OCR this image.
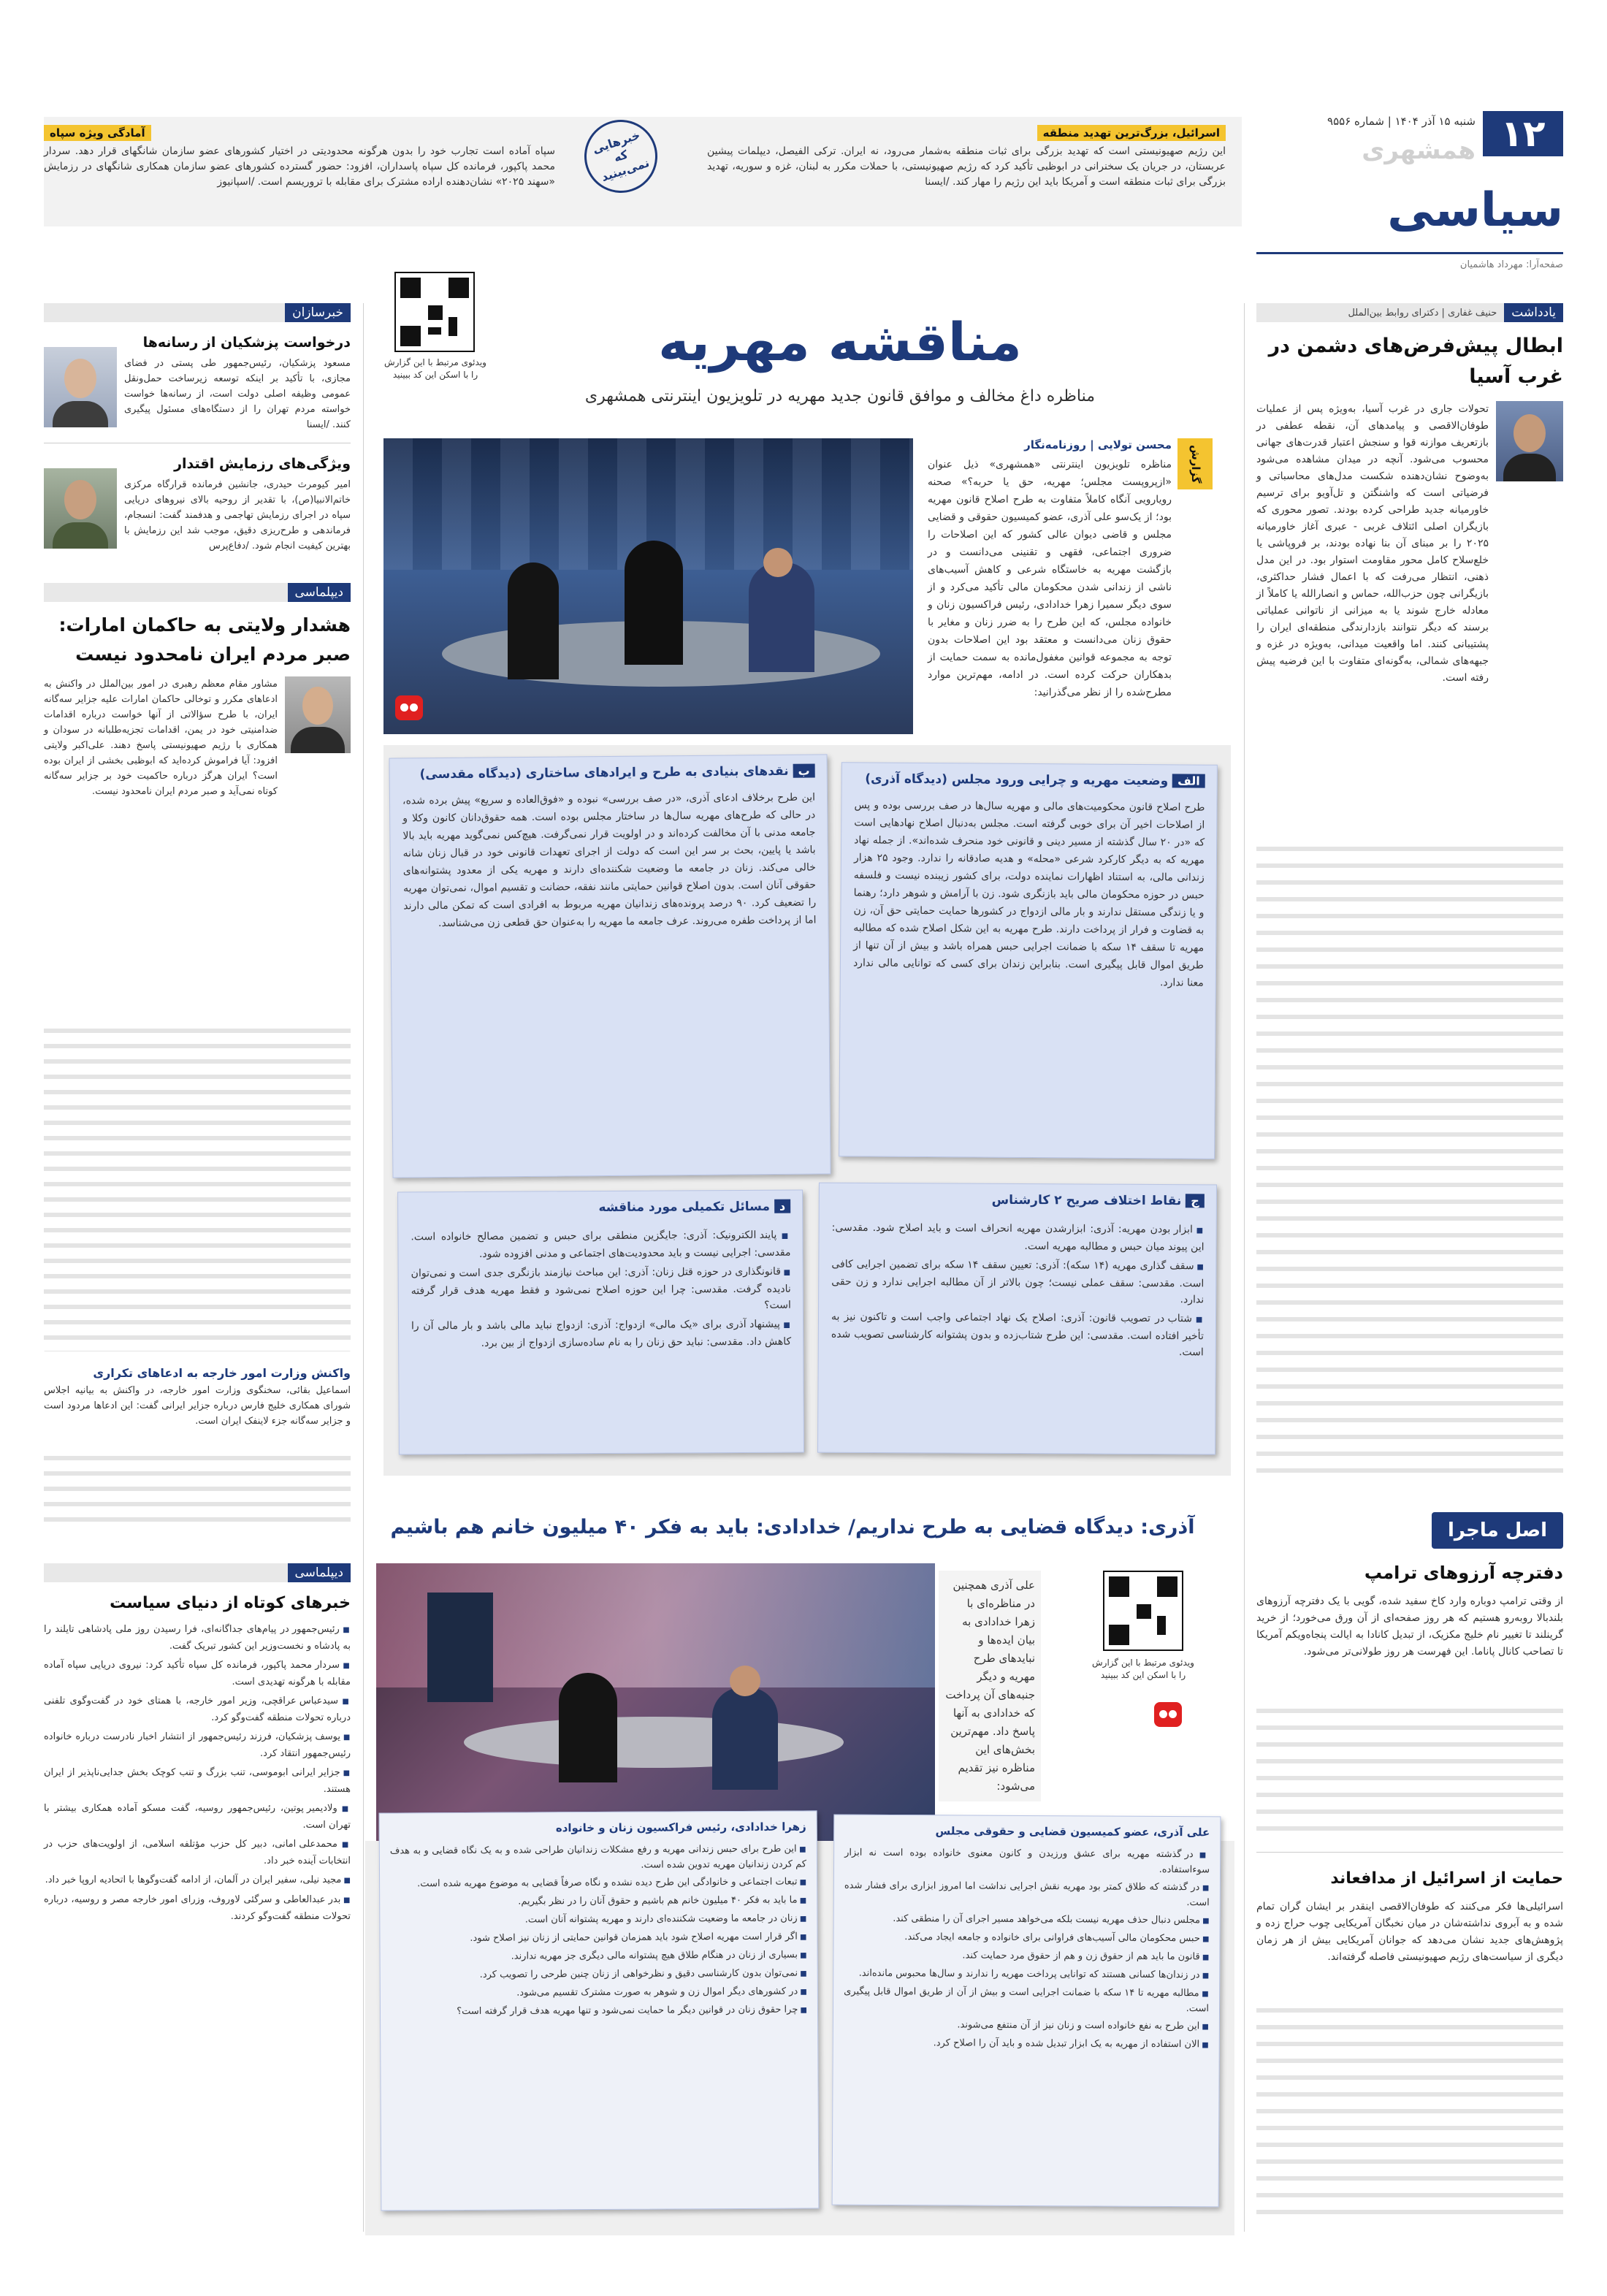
آمادگی ویژه سپاه
سپاه آماده است تجارب خود را بدون هرگونه محدودیتی در اختیار کشورهای عضو سازمان شانگهای قرار دهد. سردار محمد پاکپور، فرمانده کل سپاه پاسداران، افزود: حضور گسترده کشورهای عضو سازمان همکاری شانگهای در رزمایش «سهند ۲۰۲۵» نشان‌دهنده اراده مشترک برای مقابله با تروریسم است. /اسپانیوز
خبرهایی که نمی‌بینید
اسرائیل، بزرگ‌ترین تهدید منطقه
این رژیم صهیونیستی است که تهدید بزرگی برای ثبات منطقه به‌شمار می‌رود، نه ایران. ترکی الفیصل، دیپلمات پیشین عربستان، در جریان یک سخنرانی در ابوظبی تأکید کرد که رژیم صهیونیستی، با حملات مکرر به لبنان، غزه و سوریه، تهدید بزرگی برای ثبات منطقه است و آمریکا باید این رژیم را مهار کند. /ایسنا
۱۲
شنبه ۱۵ آذر ۱۴۰۴ | شماره ۹۵۵۶
همشهری
سیاسی
صفحه‌آرا: مهرداد هاشمیان
یادداشت
حنیف غفاری | دکترای روابط بین‌الملل
ابطال پیش‌فرض‌های دشمن در غرب آسیا
تحولات جاری در غرب آسیا، به‌ویژه پس از عملیات طوفان‌الاقصی و پیامدهای آن، نقطه عطفی در بازتعریف موازنه قوا و سنجش اعتبار قدرت‌های جهانی محسوب می‌شود. آنچه در میدان مشاهده می‌شود به‌وضوح نشان‌دهنده شکست مدل‌های محاسباتی و فرضیاتی است که واشنگتن و تل‌آویو برای ترسیم خاورمیانه جدید طراحی کرده بودند. تصور محوری که بازیگران اصلی ائتلاف غربی - عبری آغاز خاورمیانه ۲۰۲۵ را بر مبنای آن بنا نهاده بودند، بر فروپاشی یا خلع‌سلاح کامل محور مقاومت استوار بود. در این مدل ذهنی، انتظار می‌رفت که با اعمال فشار حداکثری، بازیگرانی چون حزب‌الله، حماس و انصارالله یا کاملاً از معادله خارج شوند یا به میزانی از ناتوانی عملیاتی برسند که دیگر نتوانند بازدارندگی منطقه‌ای ایران را پشتیبانی کنند. اما واقعیت میدانی، به‌ویژه در غزه و جبهه‌های شمالی، به‌گونه‌ای متفاوت با این فرضیه پیش رفته است.
اصل ماجرا
دفترچه آرزوهای ترامپ
از وقتی ترامپ دوباره وارد کاخ سفید شده، گویی با یک دفترچه آرزوهای بلندبالا روبه‌رو هستیم که هر روز صفحه‌ای از آن ورق می‌خورد؛ از خرید گرینلند تا تغییر نام خلیج مکزیک، از تبدیل کانادا به ایالت پنجاه‌ویکم آمریکا تا تصاحب کانال پاناما. این فهرست هر روز طولانی‌تر می‌شود.
حمایت از اسرائیل از مدافعاند
اسرائیلی‌ها فکر می‌کنند که طوفان‌الاقصی اینقدر بر ایشان گران تمام شده و به آبروی نداشته‌شان در میان نخبگان آمریکایی چوب حراج زده و پژوهش‌های جدید نشان می‌دهد که جوانان آمریکایی بیش از هر زمان دیگری از سیاست‌های رژیم صهیونیستی فاصله گرفته‌اند.
ویدئوی مرتبط با این گزارش را با اسکن این کد ببینید
مناقشه مهریه
مناظره داغ مخالف و موافق قانون جدید مهریه در تلویزیون اینترنتی همشهری
گزارش
محسن تولایی | روزنامه‌نگار
مناظره تلویزیون اینترنتی «همشهری» ذیل عنوان «ازپروپست مجلس؛ مهریه، حق یا حربه؟» صحنه رویارویی آنگاه کاملاً متفاوت به طرح اصلاح قانون مهریه بود؛ از یک‌سو علی آذری، عضو کمیسیون حقوقی و قضایی مجلس و قاضی دیوان عالی کشور که این اصلاحات را ضروری اجتماعی، فقهی و تقنینی می‌دانست و در بازگشت مهریه به خاستگاه شرعی و کاهش آسیب‌های ناشی از زندانی شدن محکومان مالی تأکید می‌کرد و از سوی دیگر سمیرا زهرا خدادادی، رئیس فراکسیون زنان و خانواده مجلس، که این طرح را به ضرر زنان و مغایر با حقوق زنان می‌دانست و معتقد بود این اصلاحات بدون توجه به مجموعه قوانین مغفول‌مانده به سمت حمایت از بدهکاران حرکت کرده است. در ادامه، مهم‌ترین موارد مطرح‌شده را از نظر می‌گذرانید:
الفوضعیت مهریه و چرایی ورود مجلس (دیدگاه آذری)
طرح اصلاح قانون محکومیت‌های مالی و مهریه سال‌ها در صف بررسی بوده و پس از اصلاحات اخیر آن برای خوبی گرفته است. مجلس به‌دنبال اصلاح نهادهایی است که «در ۲۰ سال گذشته از مسیر دینی و قانونی خود منحرف شده‌اند». از جمله نهاد مهریه که به دیگر کارکرد شرعی «محله» و هدیه صادقانه را ندارد. وجود ۲۵ هزار زندانی مالی، به استناد اظهارات نماینده دولت، برای کشور زیبنده نیست و فلسفه حبس در حوزه محکومان مالی باید بازنگری شود. زن با آرامش و شوهر دارد؛ رهنما و یا زندگی مستقل ندارند و بار مالی ازدواج در کشورها حمایت حمایتی حق آن، زن به قضاوت و فرار از پرداخت دارند. طرح مهریه به این شکل اصلاح شده که مطالبه مهریه تا سقف ۱۴ سکه با ضمانت اجرایی حبس همراه باشد و بیش از آن تنها از طریق اموال قابل پیگیری است. بنابراین زندان برای کسی که توانایی مالی ندارد معنا ندارد.
بنقدهای بنیادی به طرح و ایرادهای ساختاری (دیدگاه مقدسی)
این طرح برخلاف ادعای آذری، «در صف بررسی» نبوده و «فوق‌العاده و سریع» پیش برده شده، در حالی که طرح‌های مهریه سال‌ها در ساختار مجلس بوده است. همه حقوق‌دانان کانون وکلا و جامعه مدنی با آن مخالفت کرده‌اند و در اولویت قرار نمی‌گرفت. هیچ‌کس نمی‌گوید مهریه باید بالا باشد یا پایین، بحث بر سر این است که دولت از اجرای تعهدات قانونی خود در قبال زنان شانه خالی می‌کند. زنان در جامعه ما وضعیت شکننده‌ای دارند و مهریه یکی از معدود پشتوانه‌های حقوقی آنان است. بدون اصلاح قوانین حمایتی مانند نفقه، حضانت و تقسیم اموال، نمی‌توان مهریه را تضعیف کرد. ۹۰ درصد پرونده‌های زندانیان مهریه مربوط به افرادی است که تمکن مالی دارند اما از پرداخت طفره می‌روند. عرف جامعه ما مهریه را به‌عنوان حق قطعی زن می‌شناسد.
جنقاط اختلاف صریح ۲ کارشناس
■ ابزار بودن مهریه: آذری: ابزارشدن مهریه انحراف است و باید اصلاح شود. مقدسی: این پیوند میان حبس و مطالبه مهریه است.
■ سقف گذاری مهریه (۱۴ سکه): آذری: تعیین سقف ۱۴ سکه برای تضمین اجرایی کافی است. مقدسی: سقف عملی نیست؛ چون بالاتر از آن مطالبه اجرایی ندارد و زن حقی ندارد.
■ شتاب در تصویب قانون: آذری: اصلاح یک نهاد اجتماعی واجب است و تاکنون نیز به تأخیر افتاده است. مقدسی: این طرح شتاب‌زده و بدون پشتوانه کارشناسی تصویب شده است.
دمسائل تکمیلی مورد مناقشه
■ پایند الکترونیک: آذری: جایگزین منطقی برای حبس و تضمین مصالح خانواده است. مقدسی: اجرایی نیست و باید محدودیت‌های اجتماعی و مدنی افزوده شود.
■ قانونگذاری در حوزه قتل زنان: آذری: این مباحث نیازمند بازنگری جدی است و نمی‌توان نادیده گرفت. مقدسی: چرا این حوزه اصلاح نمی‌شود و فقط مهریه هدف قرار گرفته است؟
■ پیشنهاد آذری برای «یک مالی» ازدواج: آذری: ازدواج نباید مالی باشد و بار مالی آن را کاهش داد. مقدسی: نباید حق زنان را به نام ساده‌سازی ازدواج از بین برد.
آذری: دیدگاه قضایی به طرح نداریم/ خدادادی: باید به فکر ۴۰ میلیون خانم هم باشیم
علی آذری همچنین در مناظره‌ای با زهرا خدادادی به بیان ایده‌ها و نبایدهای طرح مهریه و دیگر جنبه‌های آن پرداخت که خدادادی به آنها پاسخ داد. مهم‌ترین بخش‌های این مناظره نیز تقدیم می‌شود:
ویدئوی مرتبط با این گزارش را با اسکن این کد ببینید
علی آذری، عضو کمیسیون قضایی و حقوقی مجلس
■ در گذشته مهریه برای عشق ورزیدن و کانون معنوی خانواده بوده است نه ابزار سوءاستفاده.
■ در گذشته که طلاق کمتر بود مهریه نقش اجرایی نداشت اما امروز ابزاری برای فشار شده است.
■ مجلس دنبال حذف مهریه نیست بلکه می‌خواهد مسیر اجرای آن را منطقی کند.
■ حبس محکومان مالی آسیب‌های فراوانی برای خانواده و جامعه ایجاد می‌کند.
■ قانون ما باید هم از حقوق زن و هم از حقوق مرد حمایت کند.
■ در زندان‌ها کسانی هستند که توانایی پرداخت مهریه را ندارند و سال‌ها محبوس مانده‌اند.
■ مطالبه مهریه تا ۱۴ سکه با ضمانت اجرایی است و بیش از آن از طریق اموال قابل پیگیری است.
■ این طرح به نفع خانواده است و زنان نیز از آن منتفع می‌شوند.
■ الان استفاده از مهریه به یک ابزار تبدیل شده و باید آن را اصلاح کرد.
زهرا خدادادی، رئیس فراکسیون زنان و خانواده
■ این طرح برای حبس زندانی مهریه و رفع مشکلات زندانیان طراحی شده و به یک نگاه قضایی و به هدف کم کردن زندانیان مهریه تدوین شده است.
■ تبعات اجتماعی و خانوادگی این طرح دیده نشده و نگاه صرفاً قضایی به موضوع مهریه شده است.
■ ما باید به فکر ۴۰ میلیون خانم هم باشیم و حقوق آنان را در نظر بگیریم.
■ زنان در جامعه ما وضعیت شکننده‌ای دارند و مهریه پشتوانه آنان است.
■ اگر قرار است مهریه اصلاح شود باید همزمان قوانین حمایتی از زنان نیز اصلاح شود.
■ بسیاری از زنان در هنگام طلاق هیچ پشتوانه مالی دیگری جز مهریه ندارند.
■ نمی‌توان بدون کارشناسی دقیق و نظرخواهی از زنان چنین طرحی را تصویب کرد.
■ در کشورهای دیگر اموال زن و شوهر به صورت مشترک تقسیم می‌شود.
■ چرا حقوق زنان در قوانین دیگر ما حمایت نمی‌شود و تنها مهریه هدف قرار گرفته است؟
خبرسازان
درخواست پزشکیان از رسانه‌ها
مسعود پزشکیان، رئیس‌جمهور طی پستی در فضای مجازی، با تأکید بر اینکه توسعه زیرساخت حمل‌ونقل عمومی وظیفه اصلی دولت است، از رسانه‌ها خواست خواسته مردم تهران را از دستگاه‌های مسئول پیگیری کنند. /ایسنا
ویژگی‌های رزمایش اقتدار
امیر کیومرث حیدری، جانشین فرمانده قرارگاه مرکزی خاتم‌الانبیا(ص)، با تقدیر از روحیه بالای نیروهای دریایی سپاه در اجرای رزمایش تهاجمی و هدفمند گفت: انسجام، فرماندهی و طرح‌ریزی دقیق، موجب شد این رزمایش با بهترین کیفیت انجام شود. /دفاع‌پرس
دیپلماسی
هشدار ولایتی به حاکمان امارات: صبر مردم ایران نامحدود نیست
مشاور مقام معظم رهبری در امور بین‌الملل در واکنش به ادعاهای مکرر و توخالی حاکمان امارات علیه جزایر سه‌گانه ایران، با طرح سؤالاتی از آنها خواست درباره اقدامات ضدامنیتی خود در یمن، اقدامات تجزیه‌طلبانه در سودان و همکاری با رژیم صهیونیستی پاسخ دهند. علی‌اکبر ولایتی افزود: آیا فراموش کرده‌اید که ابوظبی بخشی از ایران بوده است؟ ایران هرگز درباره حاکمیت خود بر جزایر سه‌گانه کوتاه نمی‌آید و صبر مردم ایران نامحدود نیست.
واکنش وزارت امور خارجه به ادعاهای تکراری
اسماعیل بقائی، سخنگوی وزارت امور خارجه، در واکنش به بیانیه اجلاس شورای همکاری خلیج فارس درباره جزایر ایرانی گفت: این ادعاها مردود است و جزایر سه‌گانه جزء لاینفک ایران است.
دیپلماسی
خبرهای کوتاه از دنیای سیاست
■ رئیس‌جمهور در پیام‌های جداگانه‌ای، فرا رسیدن روز ملی پادشاهی تایلند را به پادشاه و نخست‌وزیر این کشور تبریک گفت.
■ سردار محمد پاکپور، فرمانده کل سپاه تأکید کرد: نیروی دریایی سپاه آماده مقابله با هرگونه تهدیدی است.
■ سیدعباس عراقچی، وزیر امور خارجه، با همتای خود در گفت‌وگوی تلفنی درباره تحولات منطقه گفت‌وگو کرد.
■ یوسف پزشکیان، فرزند رئیس‌جمهور از انتشار اخبار نادرست درباره خانواده رئیس‌جمهور انتقاد کرد.
■ جزایر ایرانی ابوموسی، تنب بزرگ و تنب کوچک بخش جدایی‌ناپذیر از ایران هستند.
■ ولادیمیر پوتین، رئیس‌جمهور روسیه، گفت مسکو آماده همکاری بیشتر با تهران است.
■ محمدعلی امانی، دبیر کل حزب مؤتلفه اسلامی، از اولویت‌های حزب در انتخابات آینده خبر داد.
■ مجید نیلی، سفیر ایران در آلمان، از ادامه گفت‌وگوها با اتحادیه اروپا خبر داد.
■ بدر عبدالعاطی و سرگئی لاوروف، وزرای امور خارجه مصر و روسیه، درباره تحولات منطقه گفت‌وگو کردند.
